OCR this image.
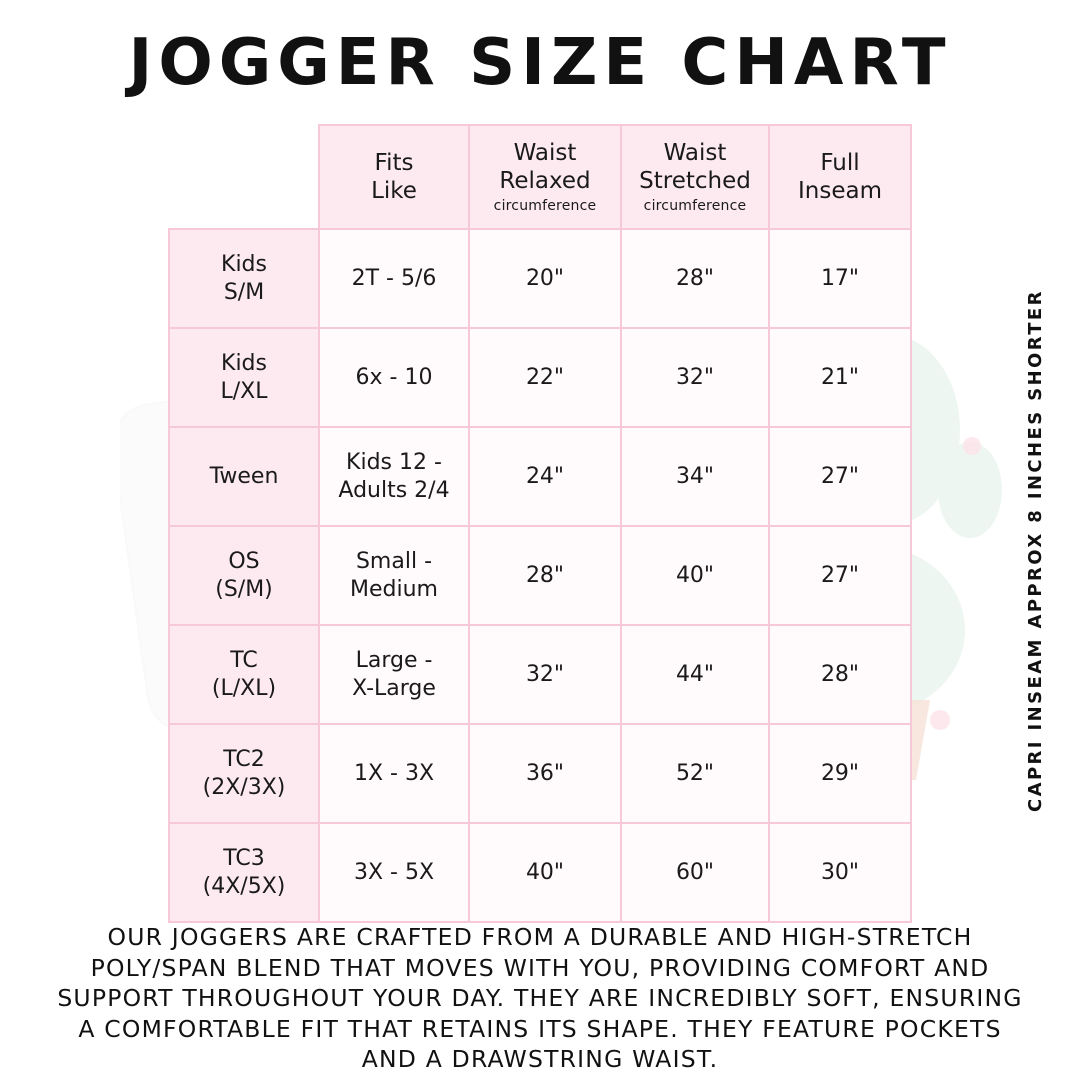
JOGGER SIZE CHART
	Fits
Like	Waist
Relaxed
circumference	Waist
Stretched
circumference	Full
Inseam
Kids
S/M	2T - 5/6	20"	28"	17"
Kids
L/XL	6x - 10	22"	32"	21"
Tween	Kids 12 -
Adults 2/4	24"	34"	27"
OS
(S/M)	Small -
Medium	28"	40"	27"
TC
(L/XL)	Large -
X-Large	32"	44"	28"
TC2
(2X/3X)	1X - 3X	36"	52"	29"
TC3
(4X/5X)	3X - 5X	40"	60"	30"
CAPRI INSEAM APPROX 8 INCHES SHORTER
OUR JOGGERS ARE CRAFTED FROM A DURABLE AND HIGH-STRETCH POLY/SPAN BLEND THAT MOVES WITH YOU, PROVIDING COMFORT AND SUPPORT THROUGHOUT YOUR DAY. THEY ARE INCREDIBLY SOFT, ENSURING A COMFORTABLE FIT THAT RETAINS ITS SHAPE. THEY FEATURE POCKETS AND A DRAWSTRING WAIST.
